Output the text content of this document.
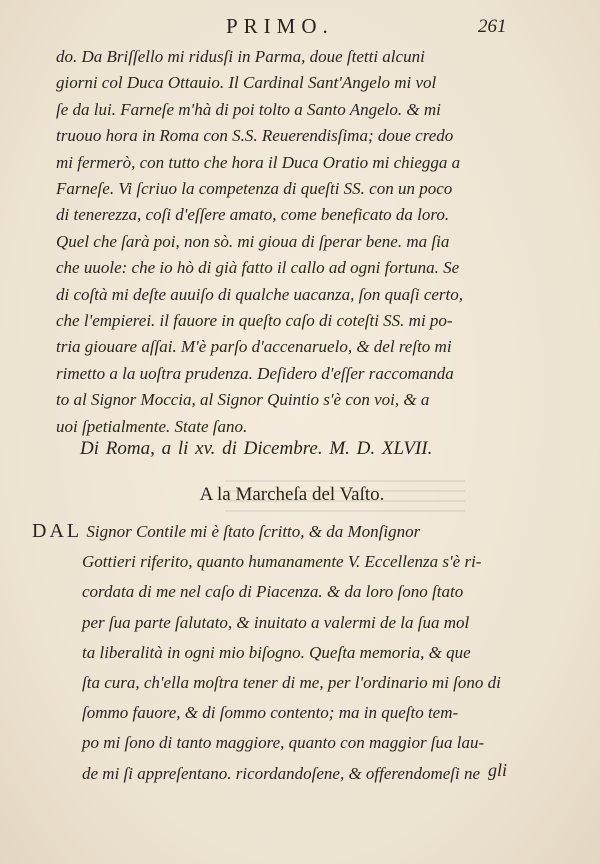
PRIMO.	261
do. Da Briſſello mi ridusſi in Parma, doue ſtetti alcuni
giorni col Duca Ottauio. Il Cardinal Sant'Angelo mi vol
ſe da lui. Farneſe m'hà di poi tolto a Santo Angelo. & mi
truouo hora in Roma con S.S. Reuerendisſima; doue credo
mi fermerò, con tutto che hora il Duca Oratio mi chiegga a
Farneſe. Vi ſcriuo la competenza di queſti SS. con un poco
di tenerezza, coſi d'eſſere amato, come beneficato da loro.
Quel che ſarà poi, non sò. mi gioua di ſperar bene. ma ſia
che uuole: che io hò di già fatto il callo ad ogni fortuna. Se
di coſtà mi deſte auuiſo di qualche uacanza, ſon quaſi certo,
che l'empierei. il fauore in queſto caſo di coteſti SS. mi po-
tria giouare aſſai. M'è parſo d'accenaruelo, & del reſto mi
rimetto a la uoſtra prudenza. Deſidero d'eſſer raccomanda
to al Signor Moccia, al Signor Quintio s'è con voi, & a
uoi ſpetialmente. State ſano.
Di Roma, a li xv. di Dicembre. M. D. XLVII.
A la Marcheſa del Vaſto.
DAL Signor Contile mi è ſtato ſcritto, & da Monſignor
Gottieri riferito, quanto humanamente V. Eccellenza s'è ri-
cordata di me nel caſo di Piacenza. & da loro ſono ſtato
per ſua parte ſalutato, & inuitato a valermi de la ſua mol
ta liberalità in ogni mio biſogno. Queſta memoria, & que
ſta cura, ch'ella moſtra tener di me, per l'ordinario mi ſono di
ſommo fauore, & di ſommo contento; ma in queſto tem-
po mi ſono di tanto maggiore, quanto con maggior ſua lau-
de mi ſi appreſentano. ricordandoſene, & offerendomeſi ne gli
